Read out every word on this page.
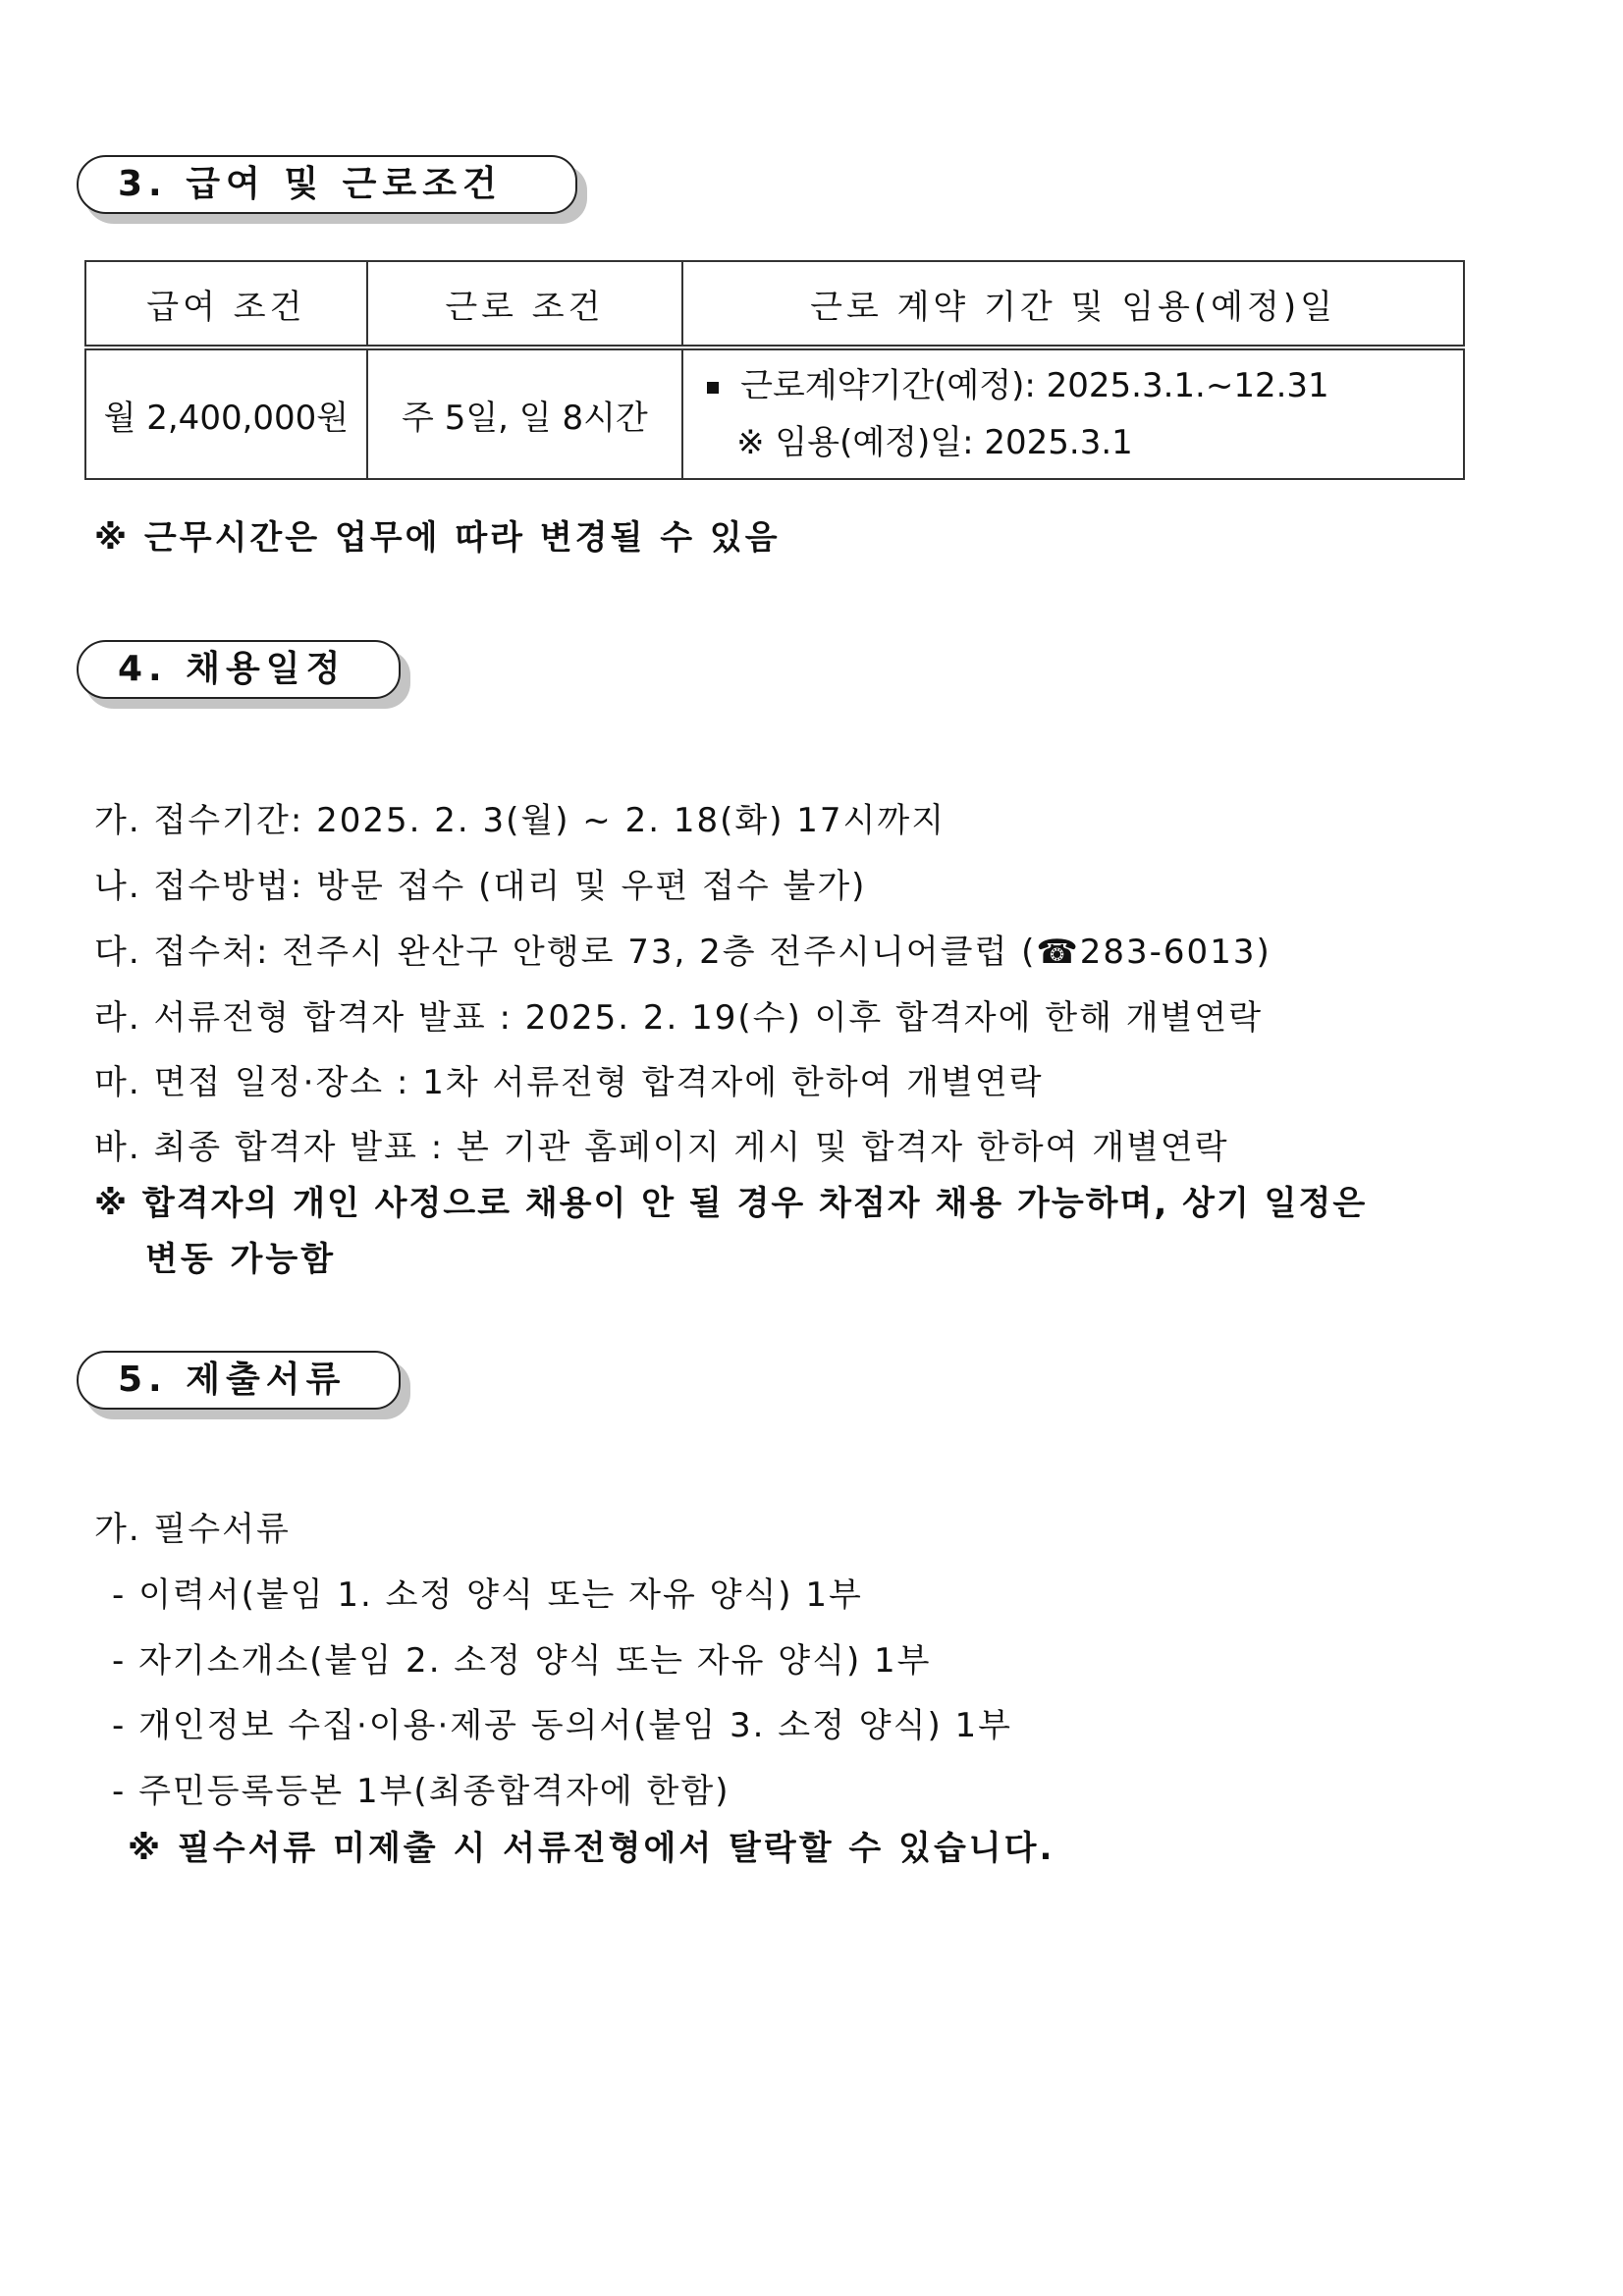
3. 급여 및 근로조건
급여 조건	근로 조건	근로 계약 기간 및 임용(예정)일
월 2,400,000원	주 5일, 일 8시간	근로계약기간(예정): 2025.3.1.~12.31
※ 임용(예정)일: 2025.3.1
※ 근무시간은 업무에 따라 변경될 수 있음
4. 채용일정
가. 접수기간: 2025. 2. 3(월) ~ 2. 18(화) 17시까지
나. 접수방법: 방문 접수 (대리 및 우편 접수 불가)
다. 접수처: 전주시 완산구 안행로 73, 2층 전주시니어클럽 (☎283-6013)
라. 서류전형 합격자 발표 : 2025. 2. 19(수) 이후 합격자에 한해 개별연락
마. 면접 일정·장소 : 1차 서류전형 합격자에 한하여 개별연락
바. 최종 합격자 발표 : 본 기관 홈페이지 게시 및 합격자 한하여 개별연락
※ 합격자의 개인 사정으로 채용이 안 될 경우 차점자 채용 가능하며, 상기 일정은
변동 가능함
5. 제출서류
가. 필수서류
- 이력서(붙임 1. 소정 양식 또는 자유 양식) 1부
- 자기소개소(붙임 2. 소정 양식 또는 자유 양식) 1부
- 개인정보 수집·이용·제공 동의서(붙임 3. 소정 양식) 1부
- 주민등록등본 1부(최종합격자에 한함)
※ 필수서류 미제출 시 서류전형에서 탈락할 수 있습니다.
